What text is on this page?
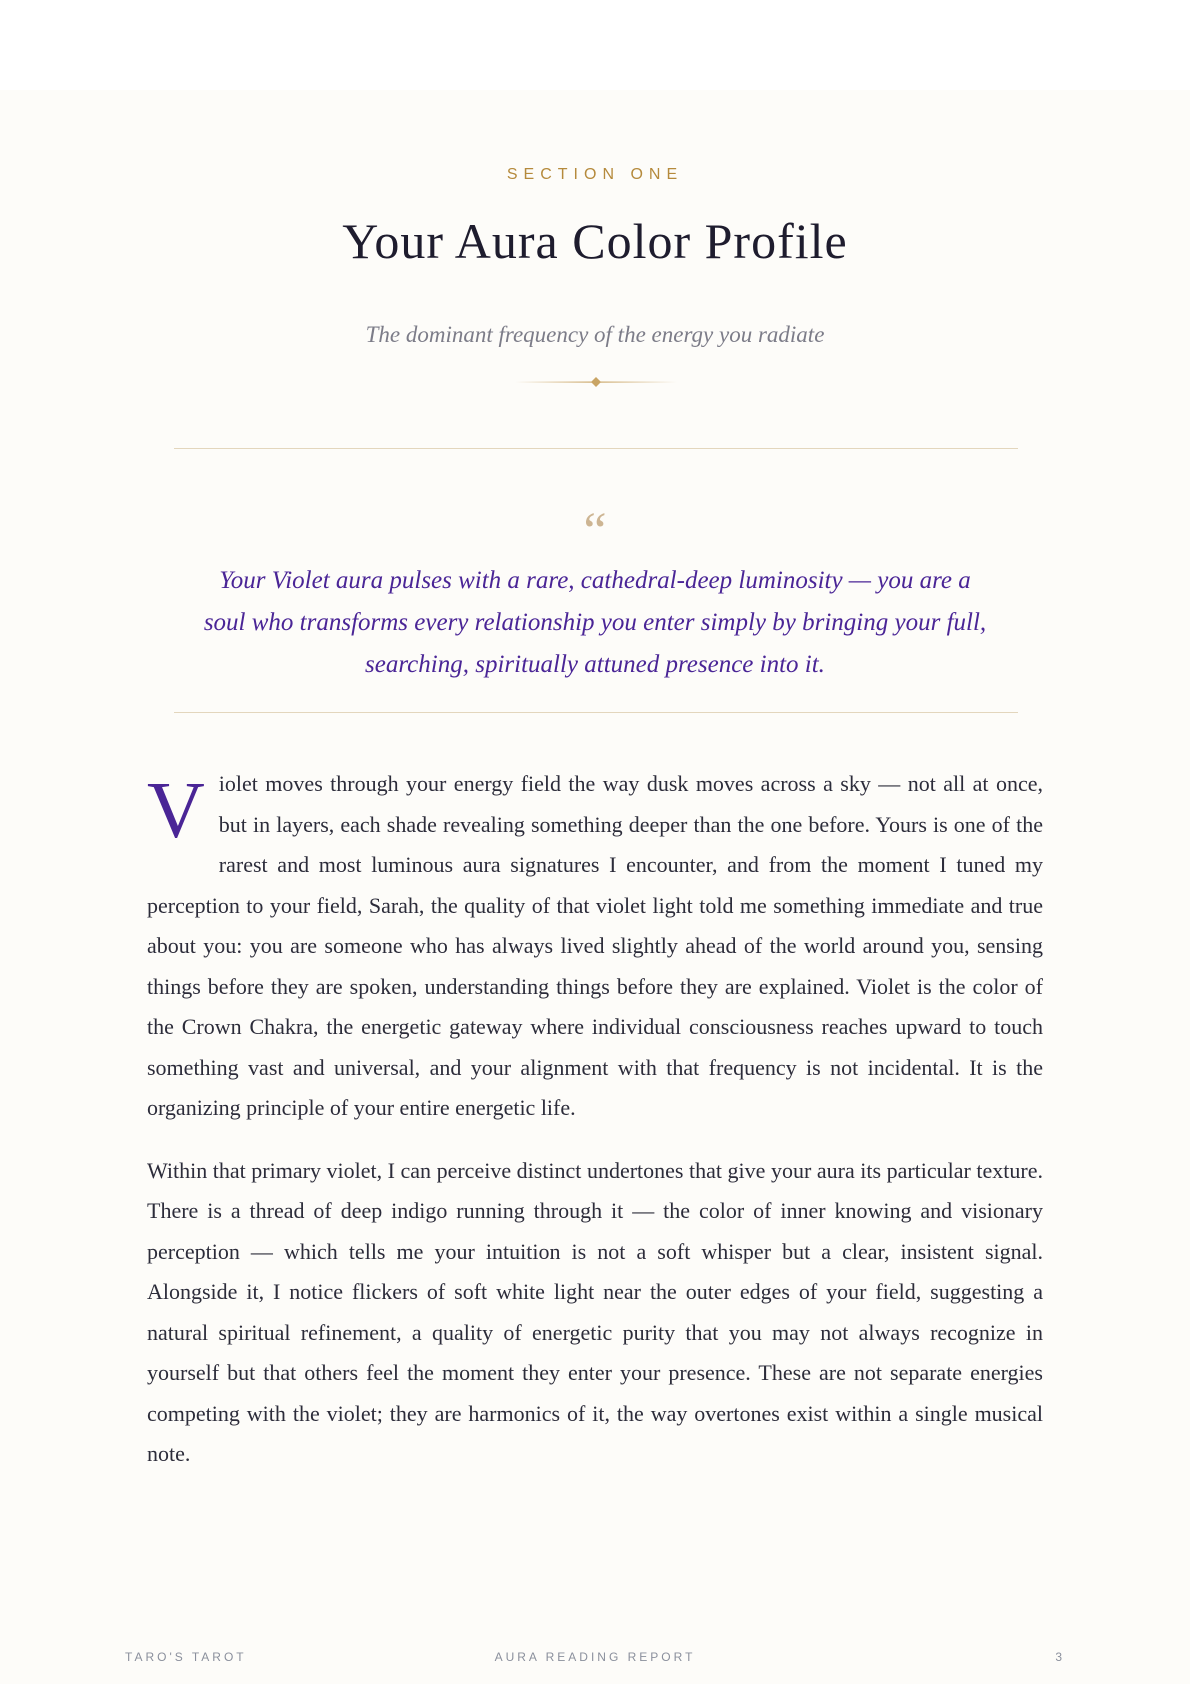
SECTION ONE
Your Aura Color Profile
The dominant frequency of the energy you radiate
“
Your Violet aura pulses with a rare, cathedral-deep luminosity — you are a soul who transforms every relationship you enter simply by bringing your full, searching, spiritually attuned presence into it.

Violet moves through your energy field the way dusk moves across a sky — not all at once, but in layers, each shade revealing something deeper than the one before. Yours is one of the rarest and most luminous aura signatures I encounter, and from the moment I tuned my perception to your field, Sarah, the quality of that violet light told me something immediate and true about you: you are someone who has always lived slightly ahead of the world around you, sensing things before they are spoken, understanding things before they are explained. Violet is the color of the Crown Chakra, the energetic gateway where individual consciousness reaches upward to touch something vast and universal, and your alignment with that frequency is not incidental. It is the organizing principle of your entire energetic life.

Within that primary violet, I can perceive distinct undertones that give your aura its particular texture. There is a thread of deep indigo running through it — the color of inner knowing and visionary perception — which tells me your intuition is not a soft whisper but a clear, insistent signal. Alongside it, I notice flickers of soft white light near the outer edges of your field, suggesting a natural spiritual refinement, a quality of energetic purity that you may not always recognize in yourself but that others feel the moment they enter your presence. These are not separate energies competing with the violet; they are harmonics of it, the way overtones exist within a single musical note.

TARO'S TAROT	AURA READING REPORT	3
